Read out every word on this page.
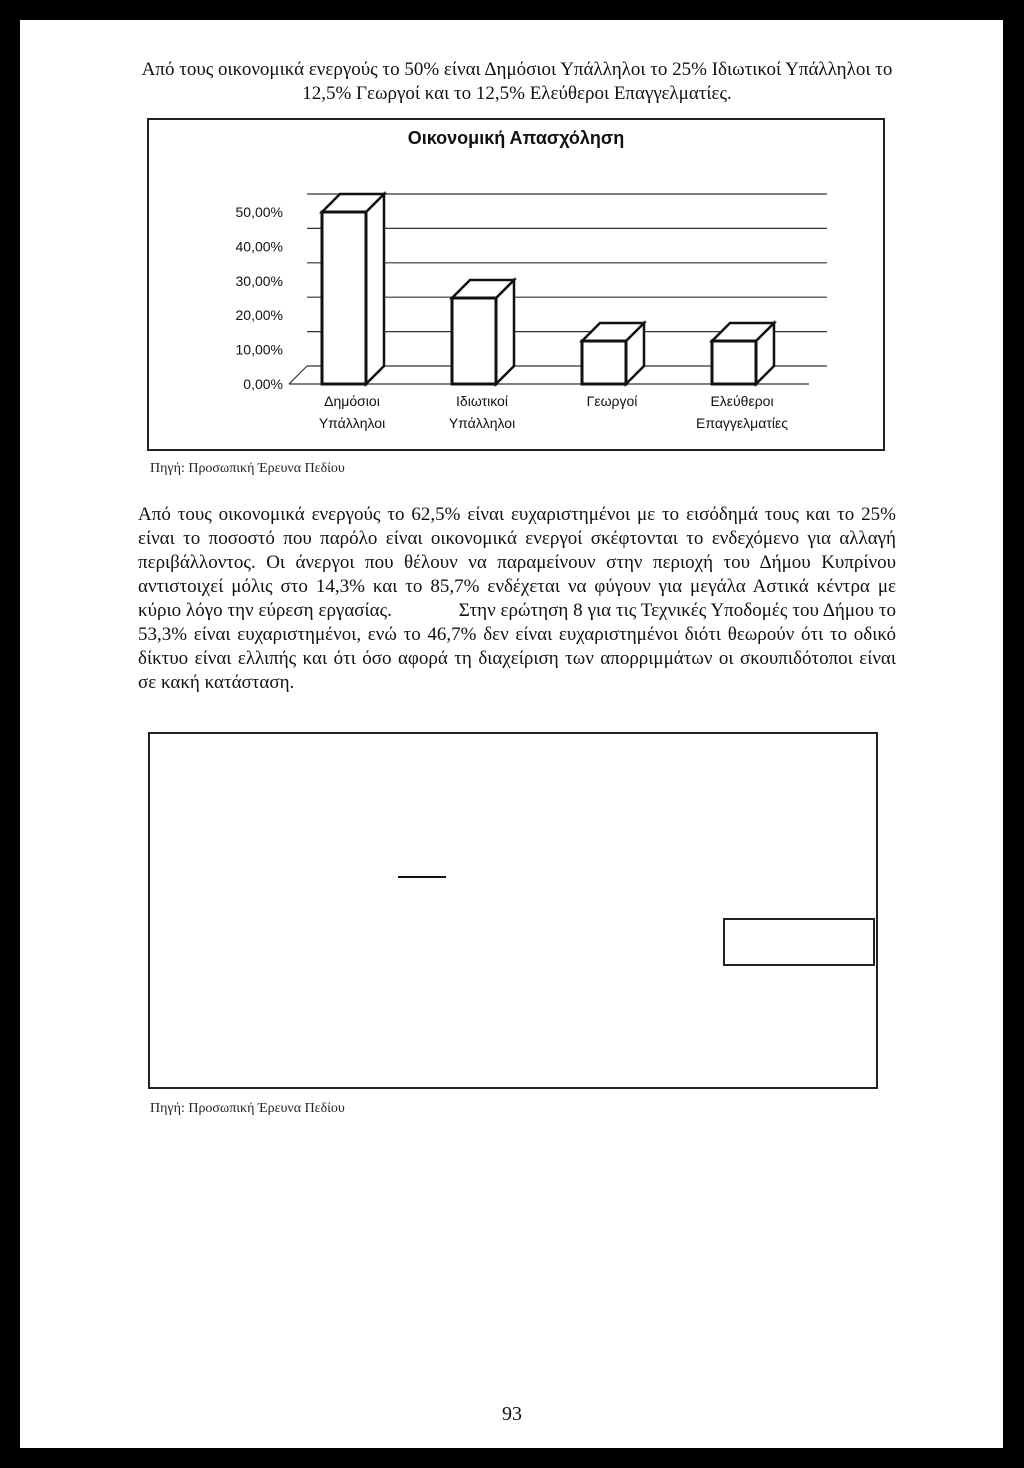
Από τους οικονομικά ενεργούς το 50% είναι Δημόσιοι Υπάλληλοι το 25% Ιδιωτικοί Υπάλληλοι το 12,5% Γεωργοί και το 12,5% Ελεύθεροι Επαγγελματίες.

Οικονομική Απασχόληση
0,00%
10,00%
20,00%
30,00%
40,00%
50,00%
Δημόσιοι
Υπάλληλοι
Ιδιωτικοί
Υπάλληλοι
Γεωργοί	Ελεύθεροι
Επαγγελματίες
Πηγή: Προσωπική Έρευνα Πεδίου

Από τους οικονομικά ενεργούς το 62,5% είναι ευχαριστημένοι με το εισόδημά τους και το 25% είναι το ποσοστό που παρόλο είναι οικονομικά ενεργοί σκέφτονται το ενδεχόμενο για αλλαγή περιβάλλοντος. Οι άνεργοι που θέλουν να παραμείνουν στην περιοχή του Δήμου Κυπρίνου αντιστοιχεί μόλις στο 14,3% και το 85,7% ενδέχεται να φύγουν για μεγάλα Αστικά κέντρα με κύριο λόγο την εύρεση εργασίας.	Στην ερώτηση 8 για τις Τεχνικές Υποδομές του Δήμου το 53,3% είναι ευχαριστημένοι, ενώ το 46,7% δεν είναι ευχαριστημένοι διότι θεωρούν ότι το οδικό δίκτυο είναι ελλιπής και ότι όσο αφορά τη διαχείριση των απορριμμάτων οι σκουπιδότοποι είναι σε κακή κατάσταση.

Πηγή: Προσωπική Έρευνα Πεδίου
93
